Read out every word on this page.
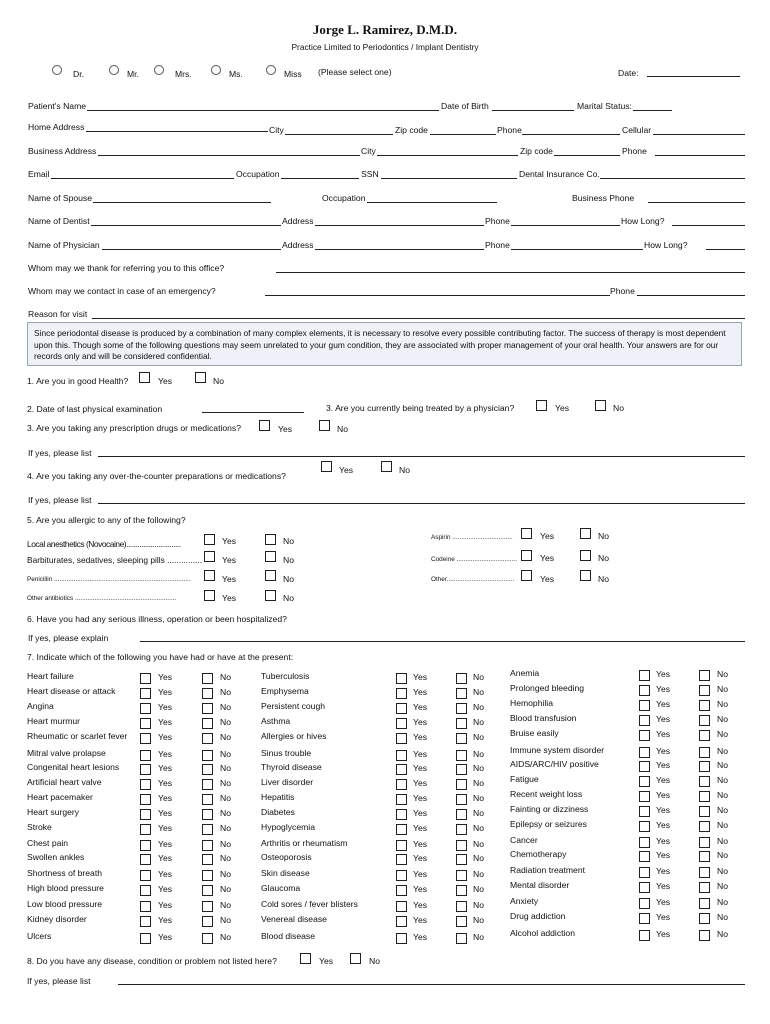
Jorge L. Ramirez, D.M.D.
Practice Limited to Periodontics / Implant Dentistry
Dr.	Mr.	Mrs.	Ms.	Miss (Please select one)	Date:
Patient's Name	Date of Birth	Marital Status:
Home Address	City	Zip code	Phone	Cellular
Business Address	City	Zip code	Phone
Email	Occupation	SSN	Dental Insurance Co.
Name of Spouse	Occupation	Business Phone
Name of Dentist	Address	Phone	How Long?
Name of Physician	Address	Phone	How Long?
Whom may we thank for referring you to this office?
Whom may we contact in case of an emergency?	Phone
Reason for visit
Since periodontal disease is produced by a combination of many complex elements, it is necessary to resolve every possible contributing factor. The success of therapy is most dependent upon this. Though some of the following questions may seem unrelated to your gum condition, they are associated with proper management of your oral health. Your answers are for our records only and will be considered confidential.
1. Are you in good Health?	Yes	No
2. Date of last physical examination	3. Are you currently being treated by a physician?	Yes	No
3. Are you taking any prescription drugs or medications?	Yes	No
If yes, please list
4. Are you taking any over-the-counter preparations or medications?
Yes	No
If yes, please list
5. Are you allergic to any of the following?
Local anesthetics (Novocaine).............................	Yes	No
Barbiturates, sedatives, sleeping pills ............... Yes	No
Penicillin .............................................................................	Yes	No
Other antibiotics .........................................................	Yes	No
Aspirin ..................................	Yes	No
Codeine ..................................	Yes	No
Other......................................	Yes	No
6. Have you had any serious illness, operation or been hospitalized?
If yes, please explain
7. Indicate which of the following you have had or have at the present:
Heart failure	Yes	No
Heart disease or attack	Yes	No
Angina	Yes	No
Heart murmur	Yes	No
Rheumatic or scarlet fever	Yes	No
Mitral valve prolapse	Yes	No
Congenital heart lesions	Yes	No
Artificial heart valve	Yes	No
Heart pacemaker	Yes	No
Heart surgery	Yes	No
Stroke	Yes	No
Chest pain	Yes	No
Swollen ankles	Yes	No
Shortness of breath	Yes	No
High blood pressure	Yes	No
Low blood pressure	Yes	No
Kidney disorder	Yes	No
Ulcers	Yes	No
Tuberculosis	Yes	No
Emphysema	Yes	No
Persistent cough	Yes	No
Asthma	Yes	No
Allergies or hives	Yes	No
Sinus trouble	Yes	No
Thyroid disease	Yes	No
Liver disorder	Yes	No
Hepatitis	Yes	No
Diabetes	Yes	No
Hypoglycemia	Yes	No
Arthritis or rheumatism	Yes	No
Osteoporosis	Yes	No
Skin disease	Yes	No
Glaucoma	Yes	No
Cold sores / fever blisters	Yes	No
Venereal disease	Yes	No
Blood disease	Yes	No
Anemia	Yes	No
Prolonged bleeding	Yes	No
Hemophilia	Yes	No
Blood transfusion	Yes	No
Bruise easily	Yes	No
Immune system disorder	Yes	No
AIDS/ARC/HIV positive	Yes	No
Fatigue	Yes	No
Recent weight loss	Yes	No
Fainting or dizziness	Yes	No
Epilepsy or seizures	Yes	No
Cancer	Yes	No
Chemotherapy	Yes	No
Radiation treatment	Yes	No
Mental disorder	Yes	No
Anxiety	Yes	No
Drug addiction	Yes	No
Alcohol addiction	Yes	No
8. Do you have any disease, condition or problem not listed here?	Yes	No
If yes, please list
